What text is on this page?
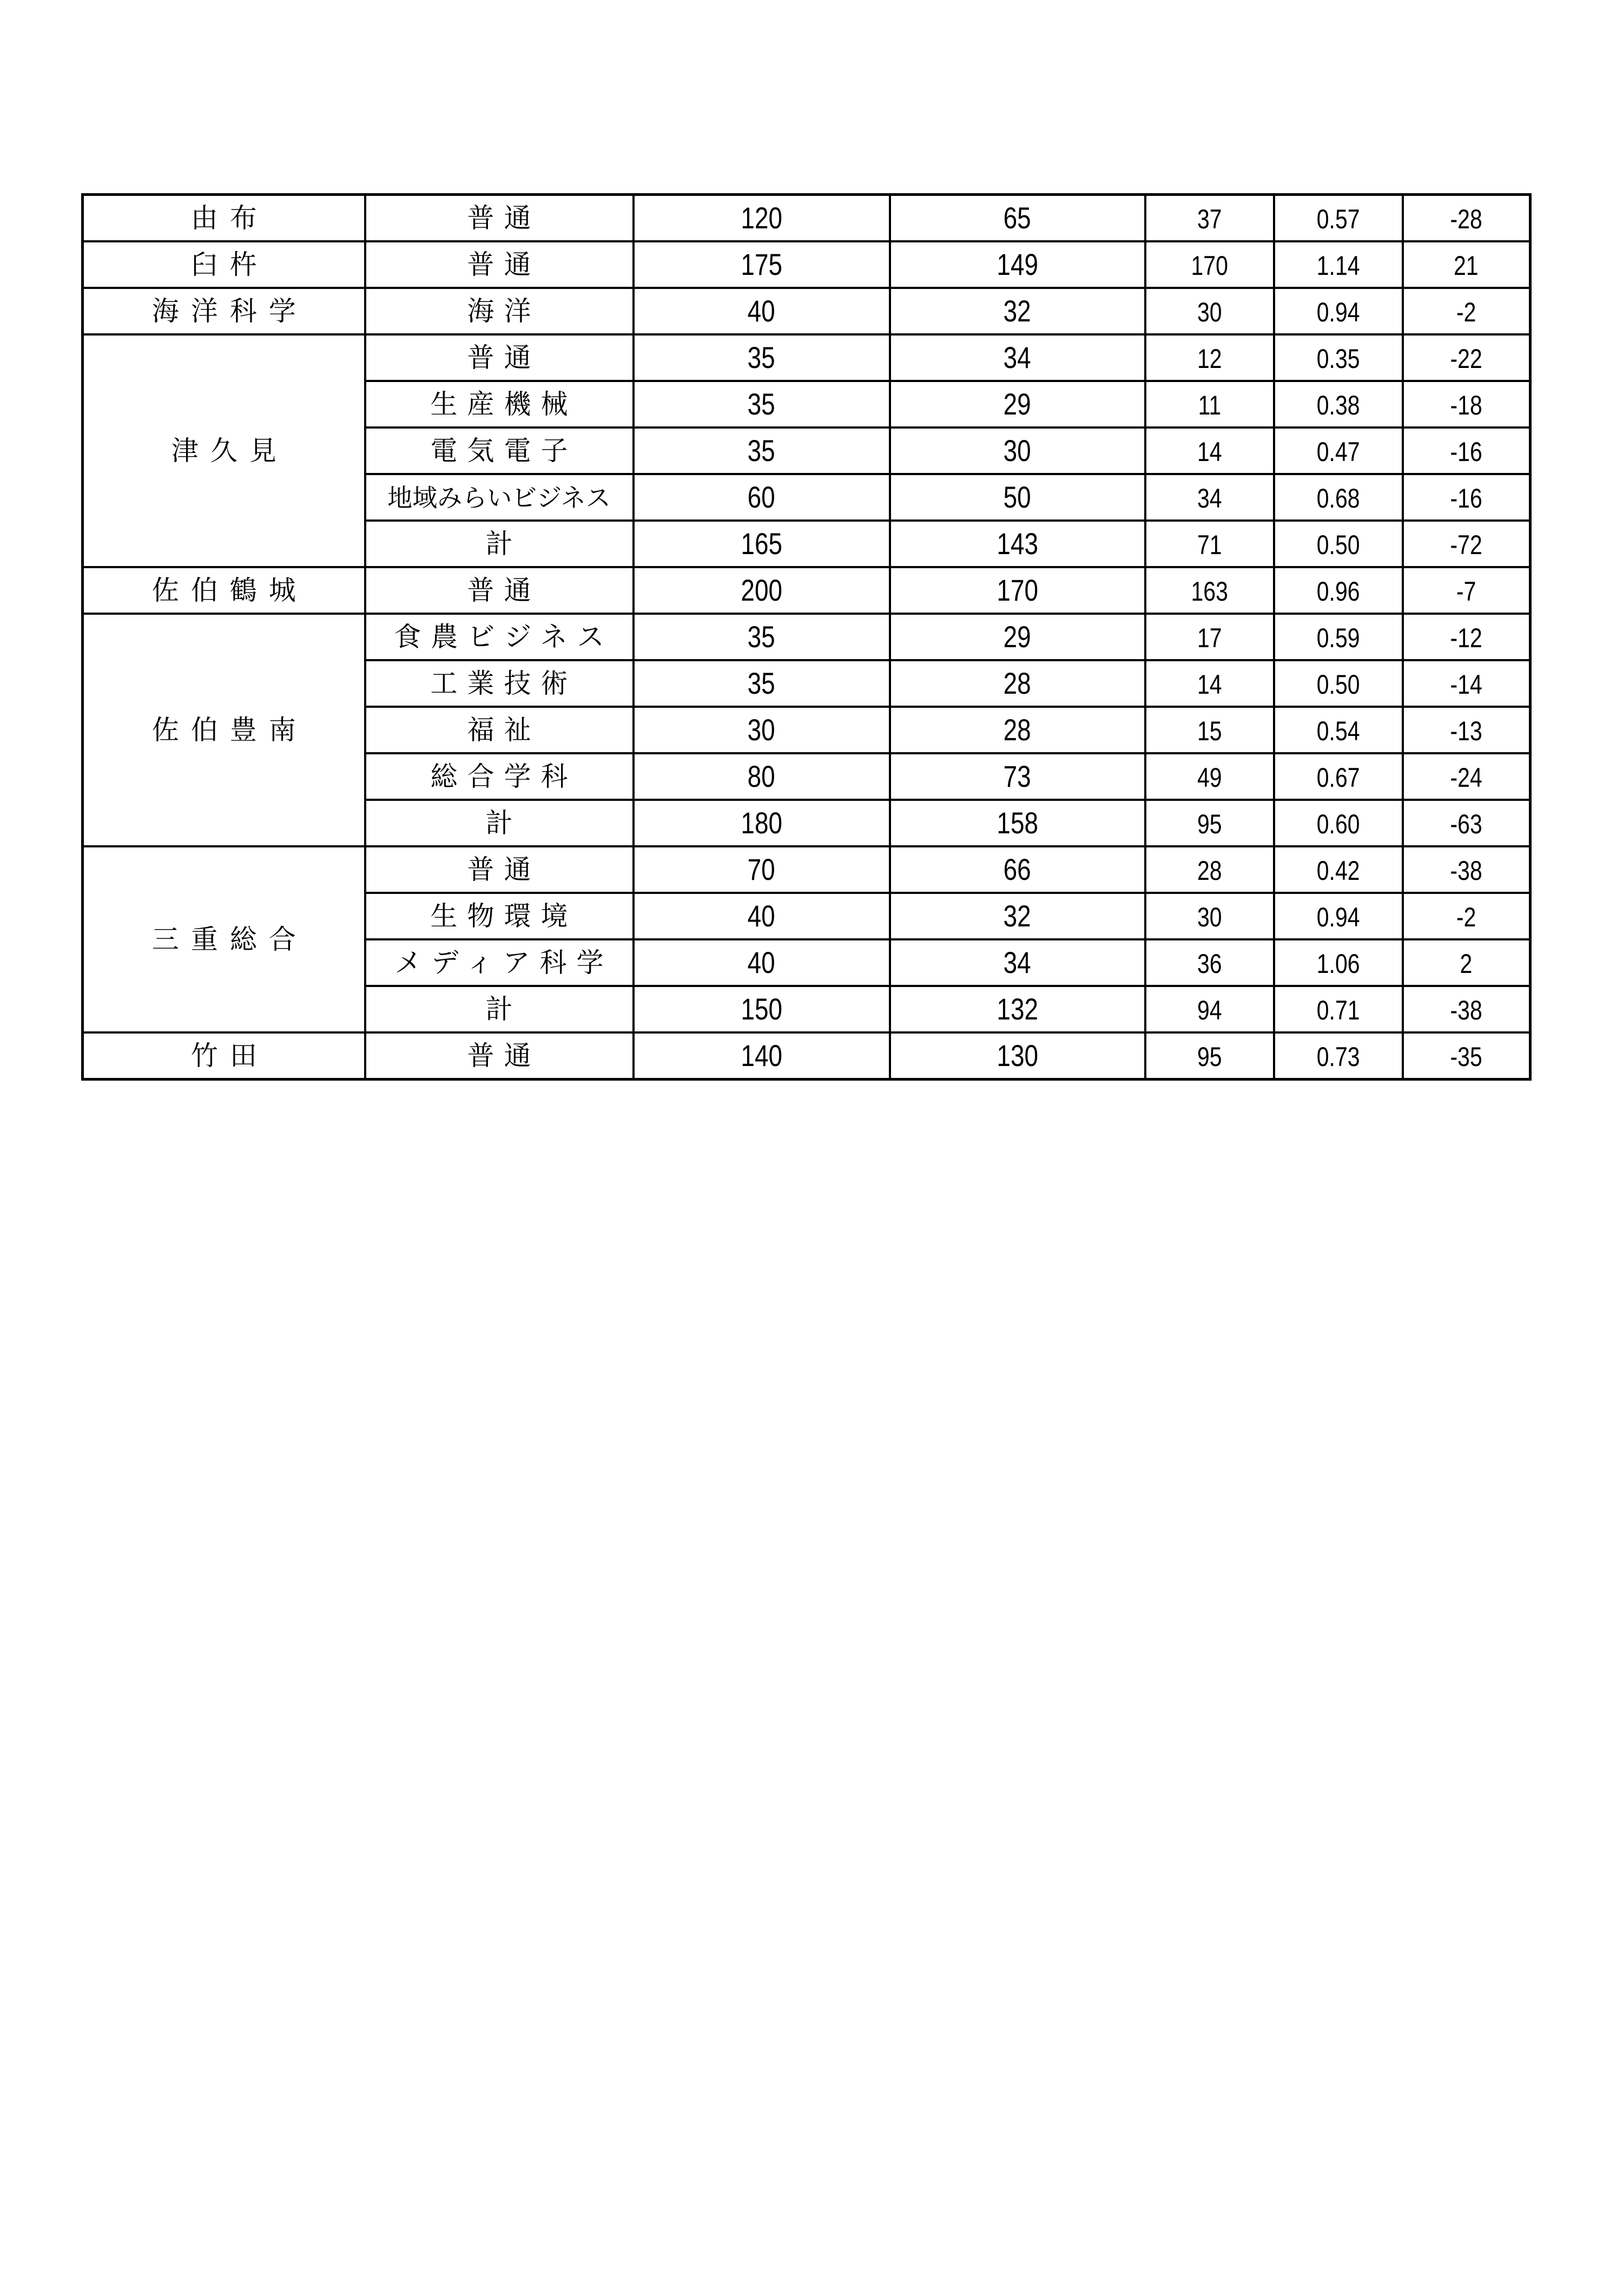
由布	普通	120	65	37	0.57	-28
臼杵	普通	175	149	170	1.14	21
海洋科学	海洋	40	32	30	0.94	-2
津久見	普通	35	34	12	0.35	-22
	生産機械	35	29	11	0.38	-18
	電気電子	35	30	14	0.47	-16
	地域みらいビジネス	60	50	34	0.68	-16
	計	165	143	71	0.50	-72
佐伯鶴城	普通	200	170	163	0.96	-7
佐伯豊南	食農ビジネス	35	29	17	0.59	-12
	工業技術	35	28	14	0.50	-14
	福祉	30	28	15	0.54	-13
	総合学科	80	73	49	0.67	-24
	計	180	158	95	0.60	-63
三重総合	普通	70	66	28	0.42	-38
	生物環境	40	32	30	0.94	-2
	メディア科学	40	34	36	1.06	2
	計	150	132	94	0.71	-38
竹田	普通	140	130	95	0.73	-35
